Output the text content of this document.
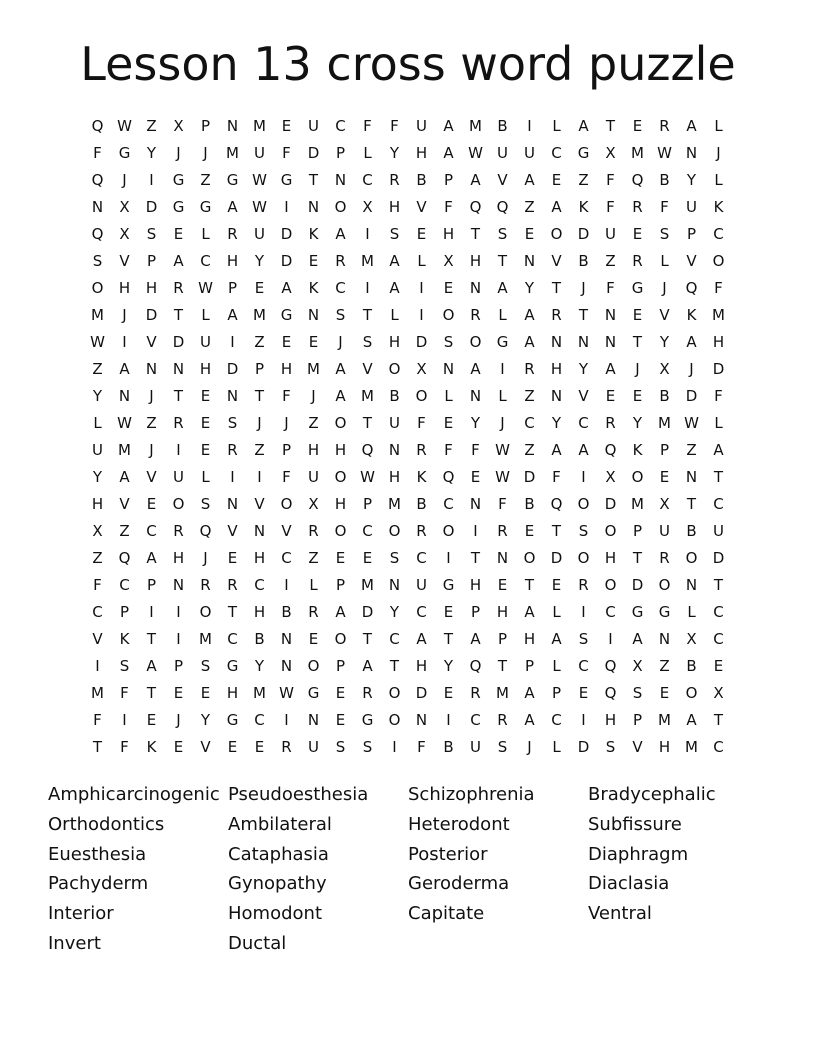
Lesson 13 cross word puzzle
Q W Z	X	P	N M	E	U	C	F	F	U	A	M	B	I	L	A	T	E	R	A	L
F	G	Y	J	J	M	U	F	D	P	L	Y	H	A W U	U	C	G	X	M W N	J
Q	J	I	G	Z	G W G	T	N	C	R	B	P	A	V	A	E	Z	F	Q	B	Y	L
N	X	D	G	G	A W	I	N	O	X	H	V	F	Q	Q	Z	A	K	F	R	F	U	K
Q	X	S	E	L	R	U	D	K	A	I	S	E	H	T	S	E	O	D	U	E	S	P	C
S	V	P	A	C	H	Y	D	E	R	M	A	L	X	H	T	N	V	B	Z	R	L	V	O
O	H	H	R W	P	E	A	K	C	I	A	I	E	N	A	Y	T	J	F	G	J	Q	F
M	J	D	T	L	A	M G	N	S	T	L	I	O	R	L	A	R	T	N	E	V	K	M
W	I	V	D	U	I	Z	E	E	J	S	H	D	S	O	G	A	N	N	N	T	Y	A	H
Z	A	N	N	H	D	P	H M	A	V	O	X	N	A	I	R	H	Y	A	J	X	J	D
Y	N	J	T	E	N	T	F	J	A	M	B	O	L	N	L	Z	N	V	E	E	B	D	F
L	W Z	R	E	S	J	J	Z	O	T	U	F	E	Y	J	C	Y	C	R	Y	M W	L
U	M	J	I	E	R	Z	P	H	H	Q	N	R	F	F	W Z	A	A	Q	K	P	Z	A
Y	A	V	U	L	I	I	F	U	O W H	K	Q	E W D	F	I	X	O	E	N	T
H	V	E	O	S	N	V	O	X	H	P	M	B	C	N	F	B	Q	O	D M	X	T	C
X	Z	C	R	Q	V	N	V	R	O	C	O	R	O	I	R	E	T	S	O	P	U	B	U
Z	Q	A	H	J	E	H	C	Z	E	E	S	C	I	T	N	O	D	O	H	T	R	O	D
F	C	P	N	R	R	C	I	L	P	M N	U	G	H	E	T	E	R	O	D	O	N	T
C	P	I	I	O	T	H	B	R	A	D	Y	C	E	P	H	A	L	I	C	G	G	L	C
V	K	T	I	M	C	B	N	E	O	T	C	A	T	A	P	H	A	S	I	A	N	X	C
I	S	A	P	S	G	Y	N	O	P	A	T	H	Y	Q	T	P	L	C	Q	X	Z	B	E
M	F	T	E	E	H M W G	E	R	O	D	E	R	M	A	P	E	Q	S	E	O	X
F	I	E	J	Y	G	C	I	N	E	G	O	N	I	C	R	A	C	I	H	P	M	A	T
T	F	K	E	V	E	E	R	U	S	S	I	F	B	U	S	J	L	D	S	V	H M	C
Amphicarcinogenic
Orthodontics
Euesthesia
Pachyderm
Interior
Invert
Pseudoesthesia
Ambilateral
Cataphasia
Gynopathy
Homodont
Ductal
Schizophrenia
Heterodont
Posterior
Geroderma
Capitate
Bradycephalic
Subfissure
Diaphragm
Diaclasia
Ventral
